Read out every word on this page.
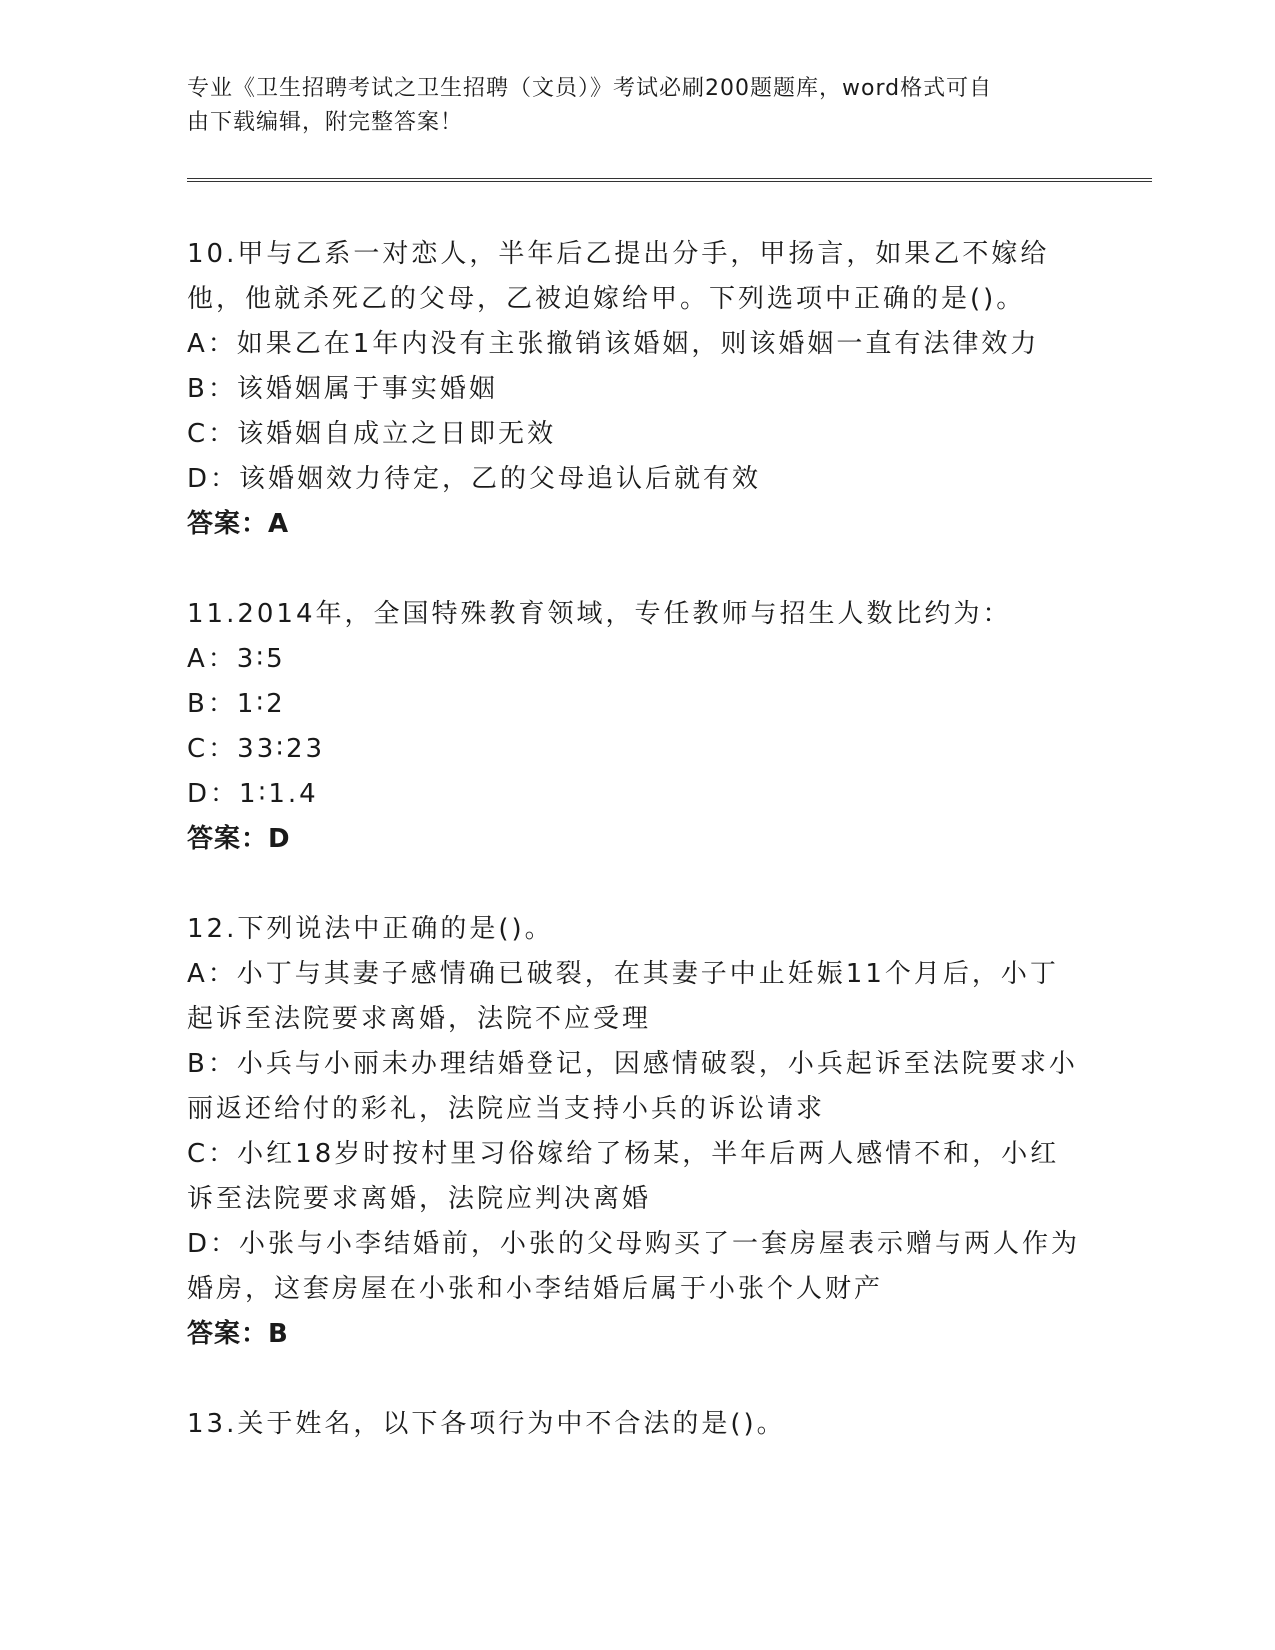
专业《卫生招聘考试之卫生招聘（文员）》考试必刷200题题库，word格式可自
由下载编辑，附完整答案！

10.甲与乙系一对恋人，半年后乙提出分手，甲扬言，如果乙不嫁给他，他就杀死乙的父母，乙被迫嫁给甲。下列选项中正确的是()。

A：如果乙在1年内没有主张撤销该婚姻，则该婚姻一直有法律效力

B：该婚姻属于事实婚姻

C：该婚姻自成立之日即无效

D：该婚姻效力待定，乙的父母追认后就有效

答案：A

11.2014年，全国特殊教育领域，专任教师与招生人数比约为：

A：3∶5

B：1∶2

C：33∶23

D：1∶1.4

答案：D

12.下列说法中正确的是()。

A：小丁与其妻子感情确已破裂，在其妻子中止妊娠11个月后，小丁起诉至法院要求离婚，法院不应受理

B：小兵与小丽未办理结婚登记，因感情破裂，小兵起诉至法院要求小丽返还给付的彩礼，法院应当支持小兵的诉讼请求

C：小红18岁时按村里习俗嫁给了杨某，半年后两人感情不和，小红诉至法院要求离婚，法院应判决离婚

D：小张与小李结婚前，小张的父母购买了一套房屋表示赠与两人作为婚房，这套房屋在小张和小李结婚后属于小张个人财产

答案：B

13.关于姓名，以下各项行为中不合法的是()。
